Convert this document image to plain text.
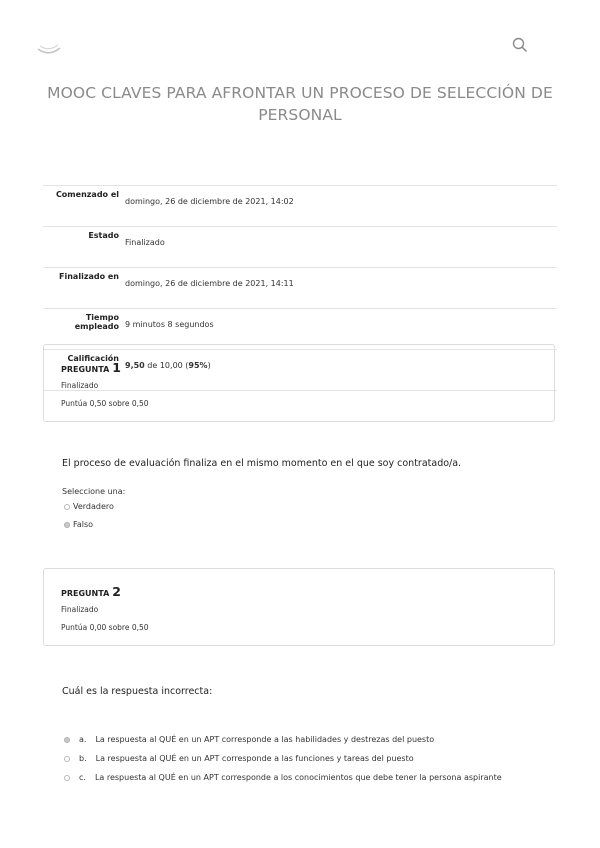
MOOC CLAVES PARA AFRONTAR UN PROCESO DE SELECCIÓN DE PERSONAL
Comenzado el	domingo, 26 de diciembre de 2021, 14:02
Estado	Finalizado
Finalizado en	domingo, 26 de diciembre de 2021, 14:11
Tiempo empleado	9 minutos 8 segundos
Calificación	9,50 de 10,00 (95%)
PREGUNTA 1
Finalizado
Puntúa 0,50 sobre 0,50
El proceso de evaluación finaliza en el mismo momento en el que soy contratado/a.
Seleccione una:
Verdadero
Falso
PREGUNTA 2
Finalizado
Puntúa 0,00 sobre 0,50
Cuál es la respuesta incorrecta:
a. La respuesta al QUÉ en un APT corresponde a las habilidades y destrezas del puesto
b. La respuesta al QUÉ en un APT corresponde a las funciones y tareas del puesto
c. La respuesta al QUÉ en un APT corresponde a los conocimientos que debe tener la persona aspirante
